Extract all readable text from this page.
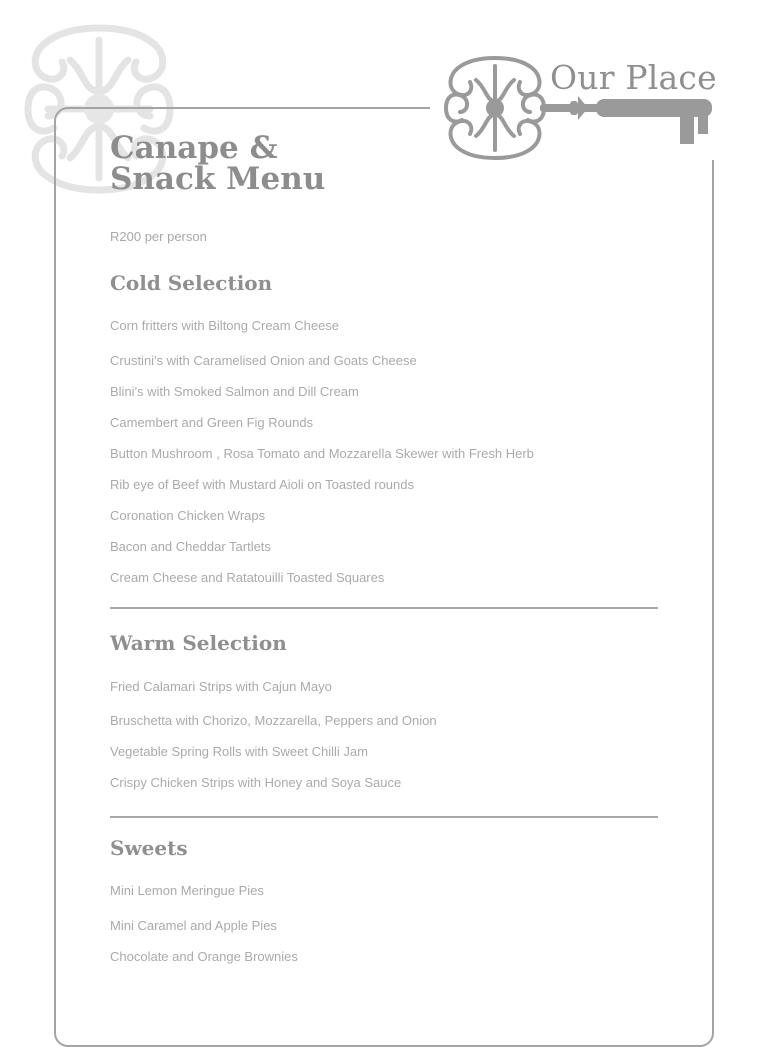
Our Place
Canape &
Snack Menu
R200 per person
Cold Selection
Corn fritters with Biltong Cream Cheese
Crustini's with Caramelised Onion and Goats Cheese
Blini's with Smoked Salmon and Dill Cream
Camembert and Green Fig Rounds
Button Mushroom , Rosa Tomato and Mozzarella Skewer with Fresh Herb
Rib eye of Beef with Mustard Aioli on Toasted rounds
Coronation Chicken Wraps
Bacon and Cheddar Tartlets
Cream Cheese and Ratatouilli Toasted Squares
Warm Selection
Fried Calamari Strips with Cajun Mayo
Bruschetta with Chorizo, Mozzarella, Peppers and Onion
Vegetable Spring Rolls with Sweet Chilli Jam
Crispy Chicken Strips with Honey and Soya Sauce
Sweets
Mini Lemon Meringue Pies
Mini Caramel and Apple Pies
Chocolate and Orange Brownies
